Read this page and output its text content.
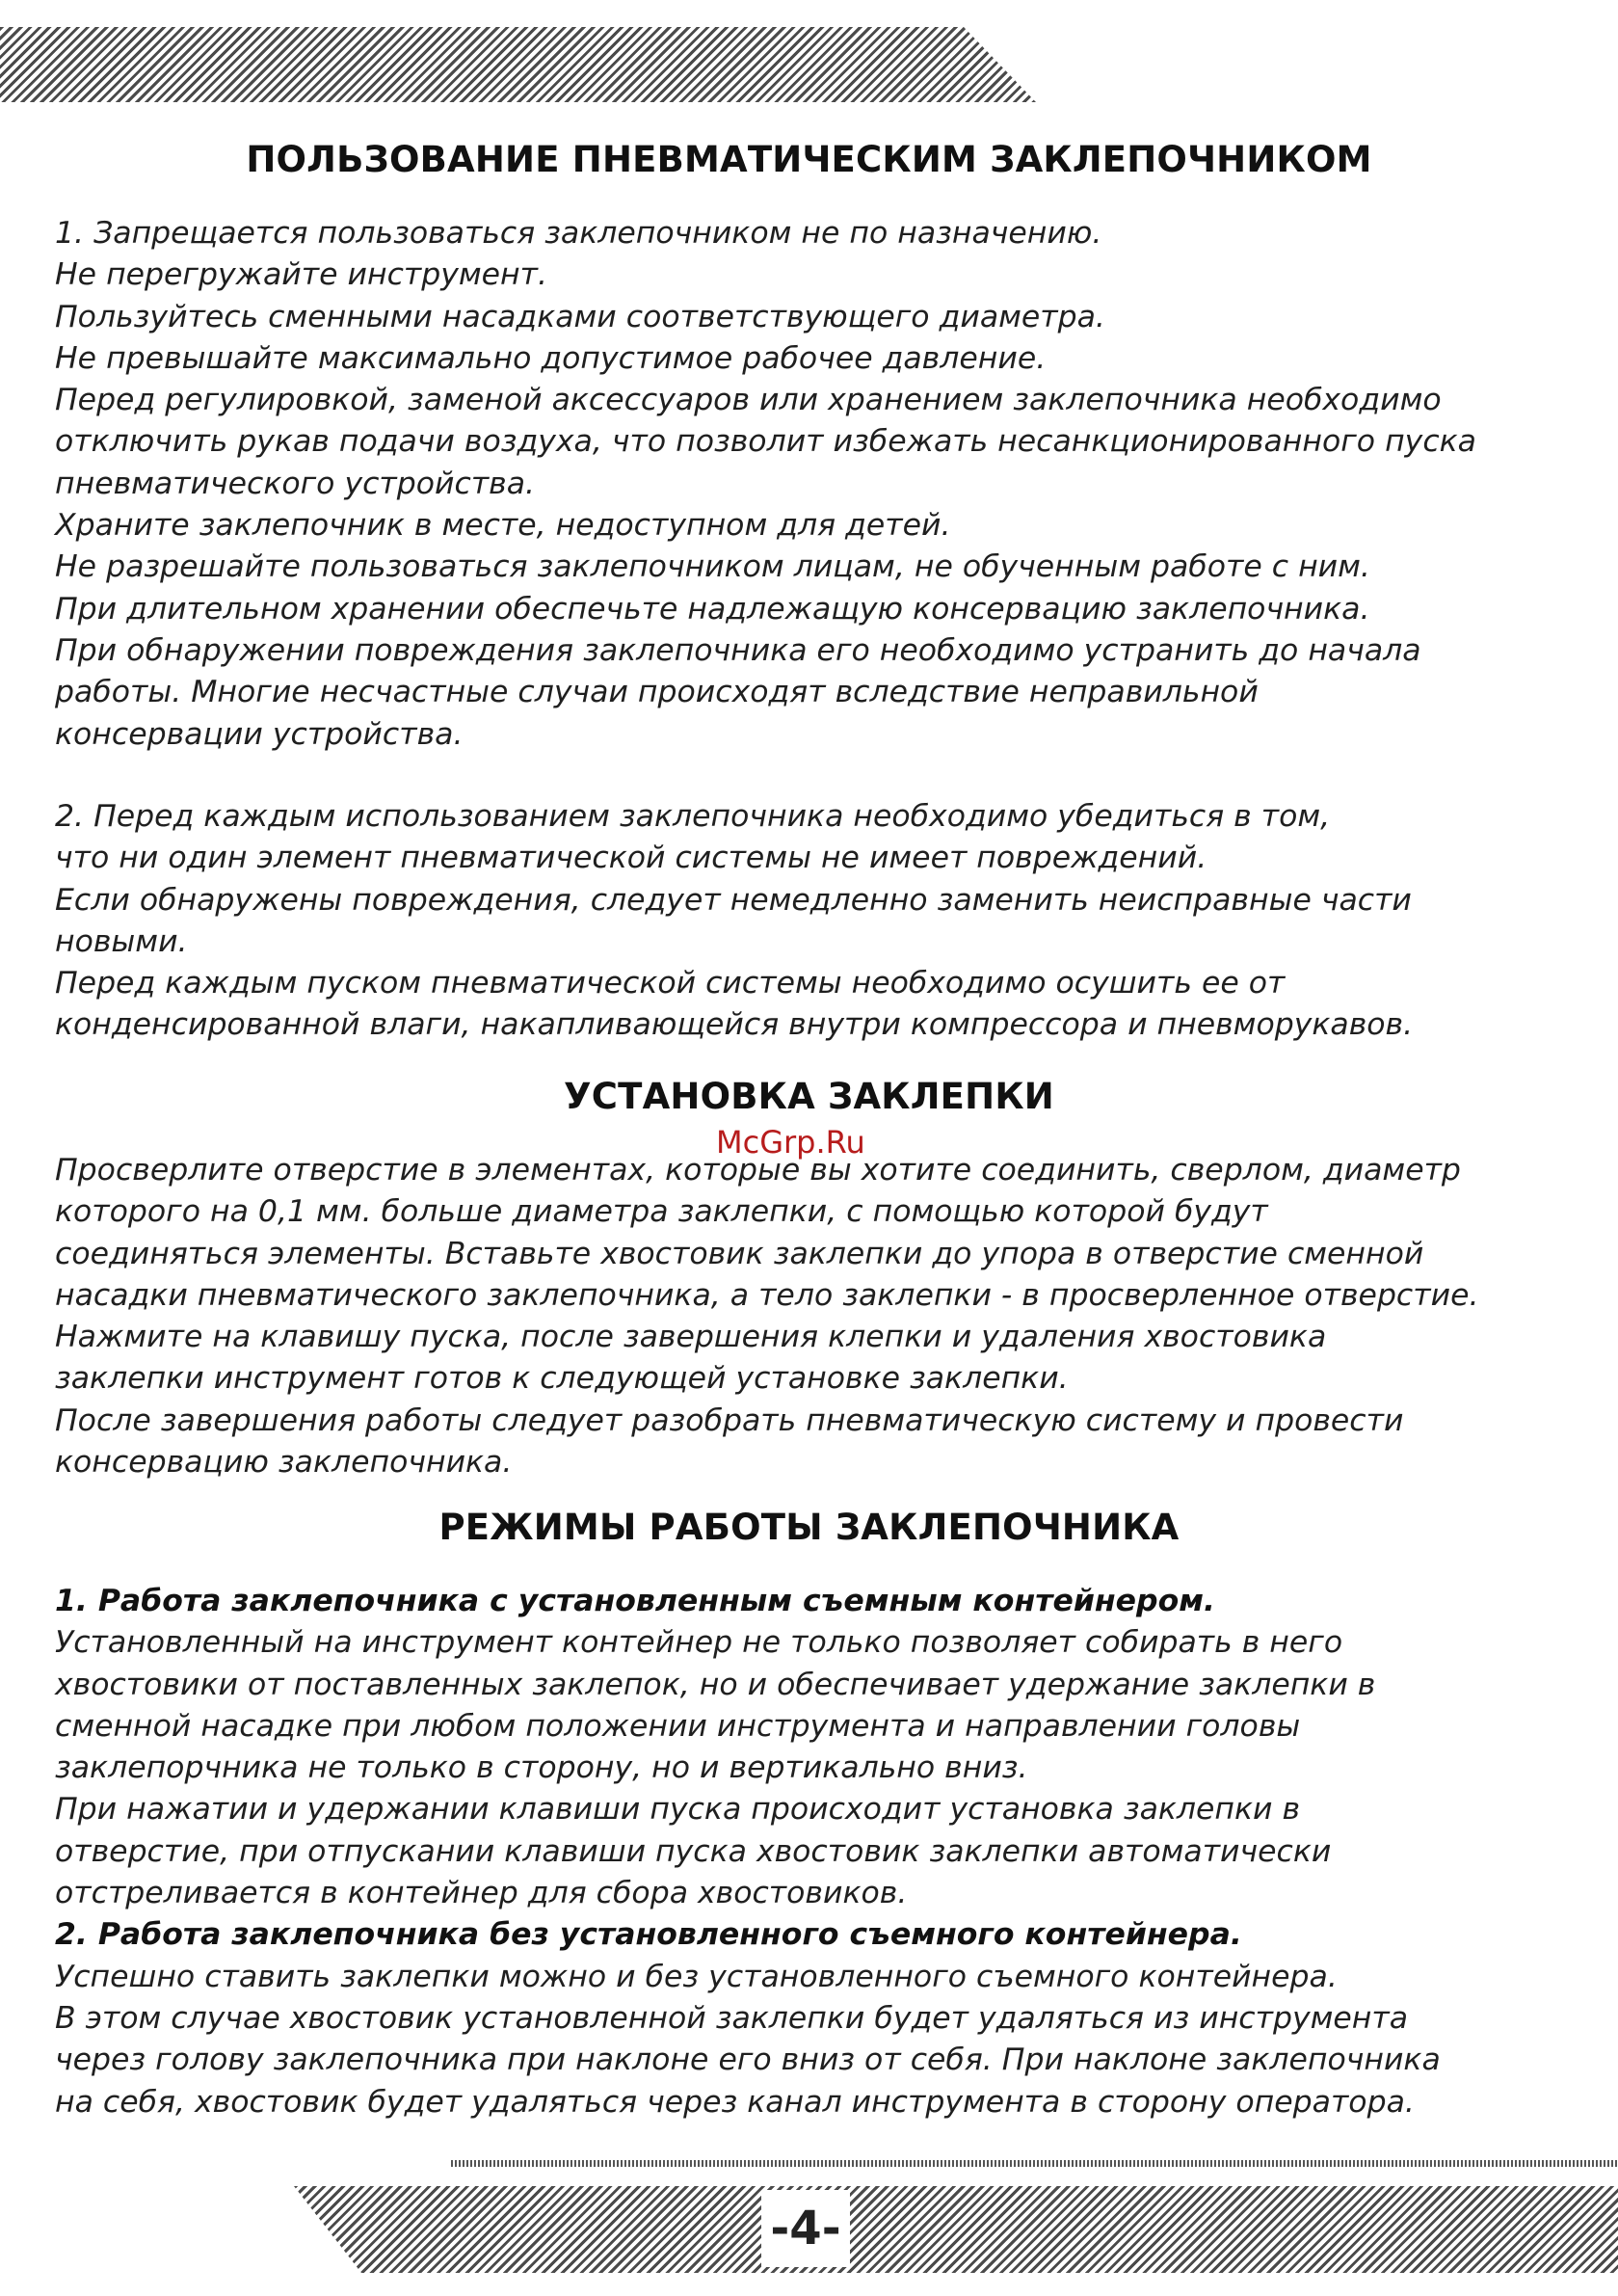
ПОЛЬЗОВАНИЕ ПНЕВМАТИЧЕСКИМ ЗАКЛЕПОЧНИКОМ
1. Запрещается пользоваться заклепочником не по назначению.
Не перегружайте инструмент.
Пользуйтесь сменными насадками соответствующего диаметра.
Не превышайте максимально допустимое рабочее давление.
Перед регулировкой, заменой аксессуаров или хранением заклепочника необходимо
отключить рукав подачи воздуха, что позволит избежать несанкционированного пуска
пневматического устройства.
Храните заклепочник в месте, недоступном для детей.
Не разрешайте пользоваться заклепочником лицам, не обученным работе с ним.
При длительном хранении обеспечьте надлежащую консервацию заклепочника.
При обнаружении повреждения заклепочника его необходимо устранить до начала
работы. Многие несчастные случаи происходят вследствие неправильной
консервации устройства.
2. Перед каждым использованием заклепочника необходимо убедиться в том,
что ни один элемент пневматической системы не имеет повреждений.
Если обнаружены повреждения, следует немедленно заменить неисправные части
новыми.
Перед каждым пуском пневматической системы необходимо осушить ее от
конденсированной влаги, накапливающейся внутри компрессора и пневморукавов.
УСТАНОВКА ЗАКЛЕПКИ
McGrp.Ru
Просверлите отверстие в элементах, которые вы хотите соединить, сверлом, диаметр
которого на 0,1 мм. больше диаметра заклепки, с помощью которой будут
соединяться элементы. Вставьте хвостовик заклепки до упора в отверстие сменной
насадки пневматического заклепочника, а тело заклепки - в просверленное отверстие.
Нажмите на клавишу пуска, после завершения клепки и удаления хвостовика
заклепки инструмент готов к следующей установке заклепки.
После завершения работы следует разобрать пневматическую систему и провести
консервацию заклепочника.
РЕЖИМЫ РАБОТЫ ЗАКЛЕПОЧНИКА
1. Работа заклепочника с установленным съемным контейнером.
Установленный на инструмент контейнер не только позволяет собирать в него
хвостовики от поставленных заклепок, но и обеспечивает удержание заклепки в
сменной насадке при любом положении инструмента и направлении головы
заклепорчника не только в сторону, но и вертикально вниз.
При нажатии и удержании клавиши пуска происходит установка заклепки в
отверстие, при отпускании клавиши пуска хвостовик заклепки автоматически
отстреливается в контейнер для сбора хвостовиков.
2. Работа заклепочника без установленного съемного контейнера.
Успешно ставить заклепки можно и без установленного съемного контейнера.
В этом случае хвостовик установленной заклепки будет удаляться из инструмента
через голову заклепочника при наклоне его вниз от себя. При наклоне заклепочника
на себя, хвостовик будет удаляться через канал инструмента в сторону оператора.
-4-
